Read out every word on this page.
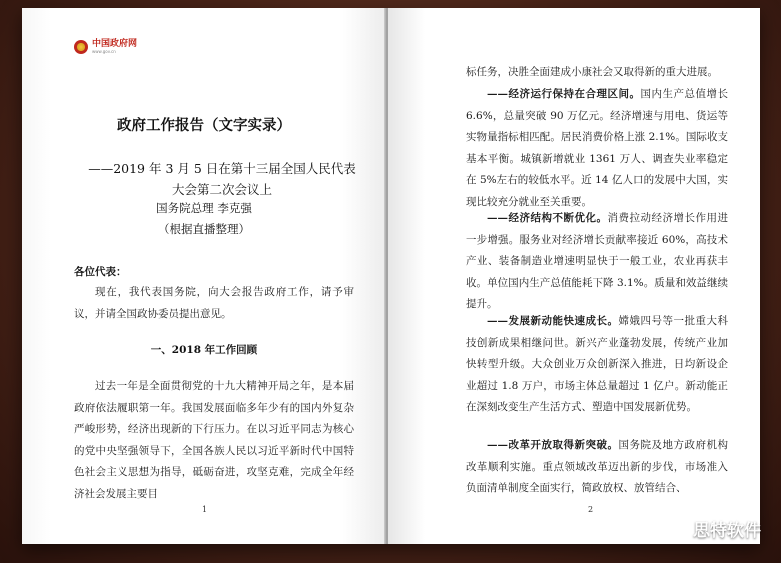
中国政府网
www.gov.cn
政府工作报告（文字实录）
——2019 年 3 月 5 日在第十三届全国人民代表大会第二次会议上
国务院总理 李克强
（根据直播整理）
各位代表：
现在，我代表国务院，向大会报告政府工作，请予审议，并请全国政协委员提出意见。
一、2018 年工作回顾
过去一年是全面贯彻党的十九大精神开局之年，是本届政府依法履职第一年。我国发展面临多年少有的国内外复杂严峻形势，经济出现新的下行压力。在以习近平同志为核心的党中央坚强领导下，全国各族人民以习近平新时代中国特色社会主义思想为指导，砥砺奋进，攻坚克难，完成全年经济社会发展主要目
1
标任务，决胜全面建成小康社会又取得新的重大进展。
——经济运行保持在合理区间。国内生产总值增长 6.6%，总量突破 90 万亿元。经济增速与用电、货运等实物量指标相匹配。居民消费价格上涨 2.1%。国际收支基本平衡。城镇新增就业 1361 万人、调查失业率稳定在 5%左右的较低水平。近 14 亿人口的发展中大国，实现比较充分就业至关重要。
——经济结构不断优化。消费拉动经济增长作用进一步增强。服务业对经济增长贡献率接近 60%，高技术产业、装备制造业增速明显快于一般工业，农业再获丰收。单位国内生产总值能耗下降 3.1%。质量和效益继续提升。
——发展新动能快速成长。嫦娥四号等一批重大科技创新成果相继问世。新兴产业蓬勃发展，传统产业加快转型升级。大众创业万众创新深入推进，日均新设企业超过 1.8 万户，市场主体总量超过 1 亿户。新动能正在深刻改变生产生活方式、塑造中国发展新优势。
——改革开放取得新突破。国务院及地方政府机构改革顺利实施。重点领域改革迈出新的步伐，市场准入负面清单制度全面实行，简政放权、放管结合、
2
思特软件
